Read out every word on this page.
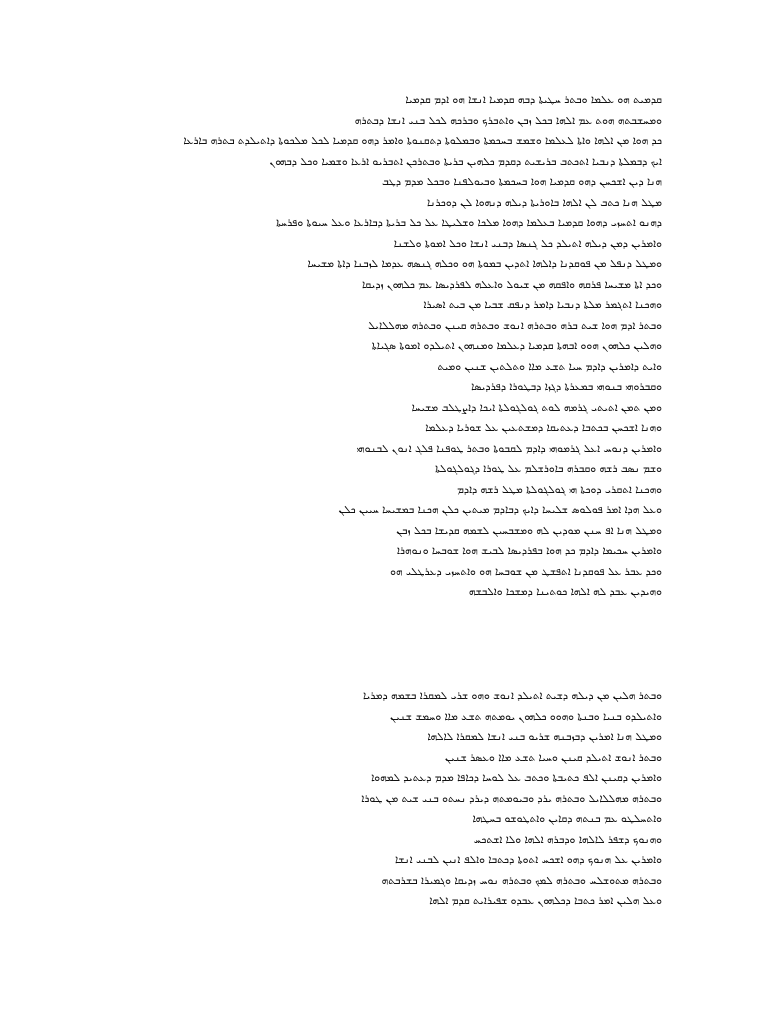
ܩܕܡܝܬ ܗܘ ܥܠܡܐ ܘܒܬܪ ܚܛܝܬܐ ܕܒܗ ܩܕܡܝܐ ܐܢܫܐ ܗܘ ܐܕܡ ܩܕܡܝܐ

ܘܡܚܫܒܬܗ ܗܘܬ ܥܡ ܐܠܗܐ ܒܟܠ ܙܒܢ ܘܐܬܒܪܟ ܘܒܪܟܗ ܠܟܠ ܒܢܝ ܐܢܫܐ ܕܒܬܪܗ

ܟܕ ܗܘܐ ܡܢ ܐܠܗܐ ܘܐܬܐ ܠܥܠܡܐ ܘܫܡܫ ܒܚܟܡܬܐ ܘܒܡܠܘܬܐ ܕܬܩܢܘܬܐ ܘܐܡܪ ܕܗܘ ܩܕܡܝܐ ܠܟܠ ܡܠܟܘܬܐ ܕܐܬܝܠܕܬ ܒܬܪܗ ܒܐܪܥܐ

ܐܝܟ ܕܒܡܠܬܐ ܕܢܒܝܐ ܐܬܟܬܒ ܒܪܝܫܝܬ ܕܩܕܡ ܟܠܗܝܢ ܒܪܝܬܐ ܘܒܬܪܟܢ ܐܬܒܪܝܘ ܐܪܥܐ ܘܫܡܝܐ ܘܟܠ ܕܒܗܘܢ

ܗܢܐ ܕܝܢ ܐܫܟܚܢ ܕܗܘ ܩܕܡܝܐ ܗܘܐ ܒܚܟܡܬܐ ܘܒܝܘܠܦܢܐ ܘܒܟܠ ܡܕܡ ܕܛܒ

ܡܛܠ ܗܢܐ ܟܬܒ ܠܢ ܐܠܗܐ ܒܐܘܪܝܬܐ ܕܝܠܗ ܕܢܗܘܐ ܠܢ ܕܘܟܪܢܐ

ܕܗܢܘ ܐܬܚܙܝ ܕܗܘܐ ܩܕܡܝܐ ܒܥܠܡܐ ܕܗܘܐ ܡܠܟܐ ܘܫܠܝܛܐ ܥܠ ܟܠ ܒܪܝܬܐ ܕܒܐܪܥܐ ܘܥܠ ܚܝܘܬܐ ܘܦܪܚܬܐ

ܘܐܡܪܝܢ ܕܡܢ ܕܝܠܗ ܐܬܝܠܕ ܟܠ ܓܢܣܐ ܕܒܢܝ ܐܢܫܐ ܘܟܠ ܐܡܘܬܐ ܘܠܫܢܐ

ܘܡܛܠ ܕܢܦܠ ܡܢ ܦܘܩܕܢܐ ܕܐܠܗܐ ܐܬܕܝܢ ܒܡܘܬܐ ܗܘ ܘܟܠܗ ܓܢܣܗ ܥܕܡܐ ܠܙܒܢܐ ܕܐܬܐ ܡܫܝܚܐ

ܘܟܕ ܐܬܐ ܡܫܝܚܐ ܦܪܩܗ ܘܐܦܩܗ ܡܢ ܫܝܘܠ ܘܐܥܠܗ ܠܦܪܕܝܣܐ ܥܡ ܟܠܗܘܢ ܙܕܝܩܐ

ܘܗܟܢܐ ܐܬܓܡܪ ܡܠܬܐ ܕܢܒܝܐ ܕܐܡܪ ܕܢܦܩ ܫܒܝܐ ܡܢ ܒܝܬ ܐܣܝܪܐ

ܘܒܬܪ ܐܕܡ ܗܘܐ ܫܝܬ ܒܪܗ ܘܒܬܪܗ ܐܢܘܫ ܘܒܬܪܗ ܩܝܢܢ ܘܒܬܪܗ ܡܗܠܠܐܝܠ

ܘܗܠܝܢ ܟܠܗܘܢ ܗܘܘ ܐܒܗܬܐ ܩܕܡܝܐ ܕܥܠܡܐ ܘܡܢܗܘܢ ܐܬܝܠܕܘ ܐܡܘܬܐ ܣܓܝܐܬܐ

ܘܐܝܬ ܕܐܡܪܝܢ ܕܐܕܡ ܚܝܐ ܬܫܥ ܡܐܐ ܘܬܠܬܝܢ ܫܢܝܢ ܘܡܝܬ

ܘܩܒܪܘܗܝ ܒܢܘܗܝ ܒܡܥܪܬܐ ܕܓܙܐ ܕܒܛܘܪܐ ܕܦܪܕܝܣܐ

ܘܡܢ ܬܡܢ ܐܬܝܬܝ ܓܪܡܗ ܠܘܬ ܓܘܠܓܘܠܬܐ ܐܝܟܐ ܕܐܨܛܠܒ ܡܫܝܚܐ

ܘܗܢܐ ܐܫܟܚܢ ܒܟܬܒܐ ܕܥܬܝܩܐ ܕܡܫܬܥܝܢ ܥܠ ܫܘܪܝܐ ܕܥܠܡܐ

ܘܐܡܪܝܢ ܕܢܘܚ ܐܥܠ ܓܪܡܘܗܝ ܕܐܕܡ ܠܩܒܘܬܐ ܘܒܬܪ ܛܘܦܢܐ ܦܠܓ ܐܢܘܢ ܠܒܢܘܗܝ

ܘܫܡ ܢܣܒ ܪܫܗ ܘܩܒܪܗ ܒܐܘܪܫܠܡ ܥܠ ܛܘܪܐ ܕܓܘܠܓܘܠܬܐ

ܘܗܟܢܐ ܐܬܩܪܝ ܕܘܟܬܐ ܗܝ ܓܘܠܓܘܠܬܐ ܡܛܠ ܪܫܗ ܕܐܕܡ

ܘܥܠ ܗܕܐ ܐܡܪ ܦܘܠܘܣ ܫܠܝܚܐ ܕܐܝܟ ܕܒܐܕܡ ܡܝܬܝܢ ܟܠܢ ܗܟܢܐ ܒܡܫܝܚܐ ܚܝܝܢ ܟܠܢ

ܘܡܛܠ ܗܢܐ ܐܦ ܚܢܢ ܡܘܕܝܢ ܠܗ ܘܡܫܒܚܝܢ ܠܫܡܗ ܩܕܝܫܐ ܒܟܠ ܙܒܢ

ܘܐܡܪܝܢ ܚܟܝܡܐ ܕܐܕܡ ܟܕ ܗܘܐ ܒܦܪܕܝܣܐ ܠܒܝܫ ܗܘܐ ܫܘܒܚܐ ܘܢܘܗܪܐ

ܘܟܕ ܥܒܪ ܥܠ ܦܘܩܕܢܐ ܐܬܦܫܛ ܡܢ ܫܘܒܚܐ ܗܘ ܘܐܬܚܙܝ ܕܥܪܛܠܝ ܗܘ

ܘܗܝܕܝܢ ܥܒܕ ܠܗ ܐܠܗܐ ܟܘܬܝܢܐ ܕܡܫܟܐ ܘܐܠܒܫܗ

ܘܒܬܪ ܗܠܝܢ ܡܢ ܕܝܠܗ ܕܫܝܬ ܐܬܝܠܕ ܐܢܘܫ ܘܗܘ ܫܪܝ ܠܡܩܪܐ ܒܫܡܗ ܕܡܪܝܐ

ܘܐܬܝܠܕܘ ܒܢܝܐ ܘܒܢܬܐ ܘܗܘܘ ܟܠܗܘܢ ܝܘܡܬܗ ܬܫܥ ܡܐܐ ܘܚܡܫ ܫܢܝܢ

ܘܡܛܠ ܗܢܐ ܐܡܪܝܢ ܕܒܙܒܢܗ ܫܪܝܘ ܒܢܝ ܐܢܫܐ ܠܡܩܪܐ ܠܐܠܗܐ

ܘܒܬܪ ܐܢܘܫ ܐܬܝܠܕ ܩܝܢܢ ܘܚܝܐ ܬܫܥ ܡܐܐ ܘܥܣܪ ܫܢܝܢ

ܘܐܡܪܝܢ ܕܩܝܢܢ ܐܠܦ ܟܬܝܒܬܐ ܘܟܬܒ ܥܠ ܠܘܚܐ ܕܟܐܦܐ ܡܕܡ ܕܥܬܝܕ ܠܡܗܘܐ

ܘܒܬܪܗ ܡܗܠܠܐܝܠ ܘܒܬܪܗ ܝܪܕ ܘܒܝܘܡܬܗ ܕܝܪܕ ܢܚܬܘ ܒܢܝ ܫܝܬ ܡܢ ܛܘܪܐ

ܘܐܬܚܠܛܘ ܥܡ ܒܢܬܗ ܕܩܐܝܢ ܘܐܬܛܘܫܘ ܒܚܛܗܐ

ܘܗܢܘܟ ܕܫܦܪ ܠܐܠܗܐ ܘܕܒܪܗ ܐܠܗܐ ܘܠܐ ܐܫܬܟܚ

ܘܐܡܪܝܢ ܥܠ ܗܢܘܟ ܕܗܘ ܐܫܟܚ ܐܬܘܬܐ ܕܟܬܒܐ ܘܐܠܦ ܐܢܝܢ ܠܒܢܝ ܐܢܫܐ

ܘܒܬܪܗ ܡܬܘܫܠܚ ܘܒܬܪܗ ܠܡܟ ܘܒܬܪܗ ܢܘܚ ܙܕܝܩܐ ܘܓܡܝܪܐ ܒܫܪܒܬܗ

ܘܥܠ ܗܠܝܢ ܐܡܪ ܟܬܒܐ ܕܟܠܗܘܢ ܥܒܕܘ ܫܦܝܪܐܝܬ ܩܕܡ ܐܠܗܐ
